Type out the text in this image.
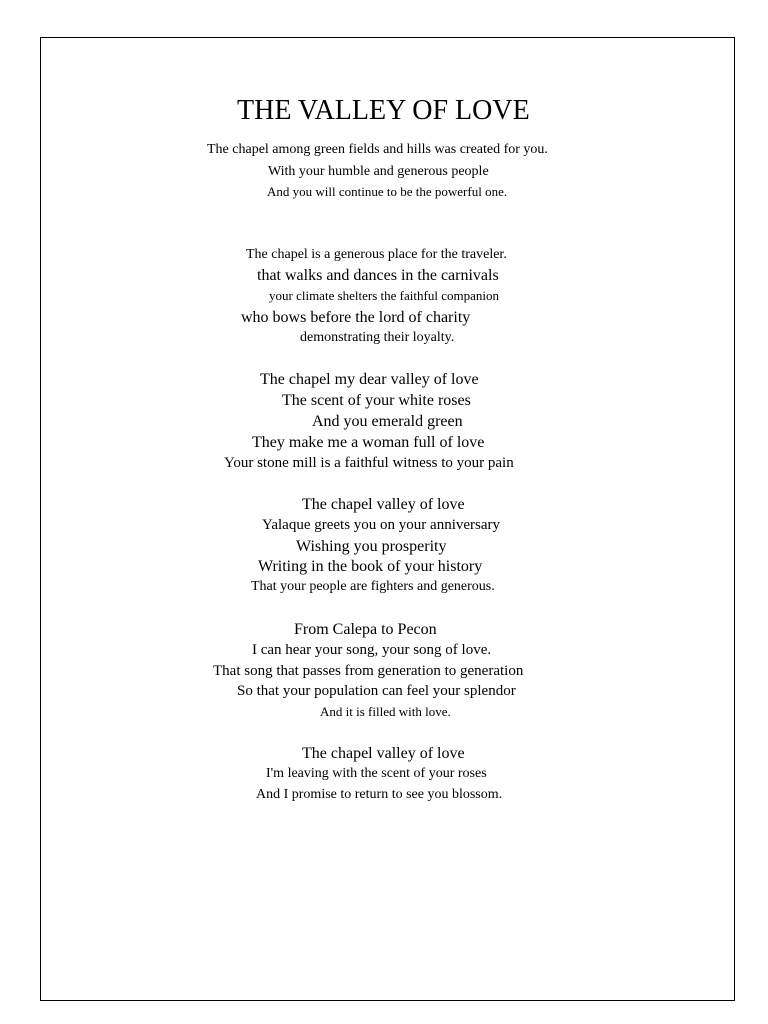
THE VALLEY OF LOVE
The chapel among green fields and hills was created for you.
With your humble and generous people
And you will continue to be the powerful one.
The chapel is a generous place for the traveler.
that walks and dances in the carnivals
your climate shelters the faithful companion
who bows before the lord of charity
demonstrating their loyalty.
The chapel my dear valley of love
The scent of your white roses
And you emerald green
They make me a woman full of love
Your stone mill is a faithful witness to your pain
The chapel valley of love
Yalaque greets you on your anniversary
Wishing you prosperity
Writing in the book of your history
That your people are fighters and generous.
From Calepa to Pecon
I can hear your song, your song of love.
That song that passes from generation to generation
So that your population can feel your splendor
And it is filled with love.
The chapel valley of love
I'm leaving with the scent of your roses
And I promise to return to see you blossom.
